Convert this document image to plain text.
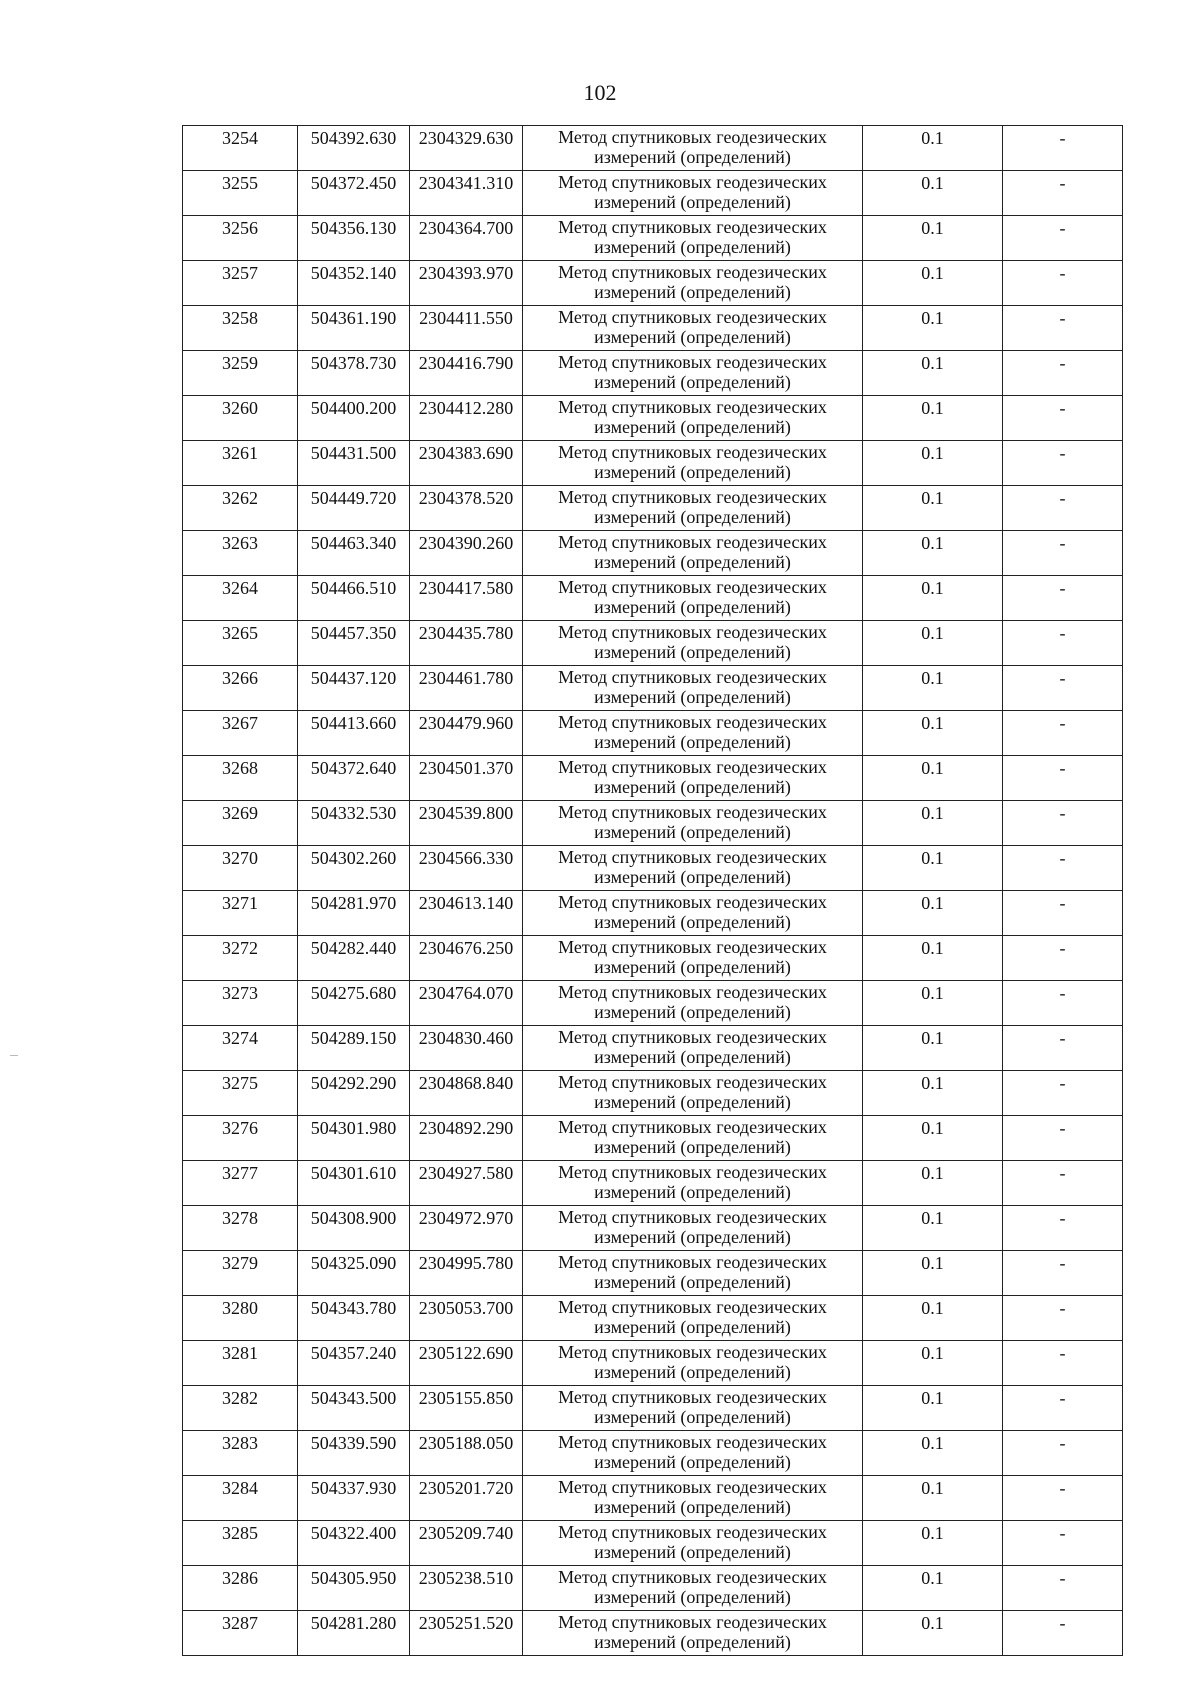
102
3254	504392.630	2304329.630	Метод спутниковых геодезических
измерений (определений)	0.1	-
3255	504372.450	2304341.310	Метод спутниковых геодезических
измерений (определений)	0.1	-
3256	504356.130	2304364.700	Метод спутниковых геодезических
измерений (определений)	0.1	-
3257	504352.140	2304393.970	Метод спутниковых геодезических
измерений (определений)	0.1	-
3258	504361.190	2304411.550	Метод спутниковых геодезических
измерений (определений)	0.1	-
3259	504378.730	2304416.790	Метод спутниковых геодезических
измерений (определений)	0.1	-
3260	504400.200	2304412.280	Метод спутниковых геодезических
измерений (определений)	0.1	-
3261	504431.500	2304383.690	Метод спутниковых геодезических
измерений (определений)	0.1	-
3262	504449.720	2304378.520	Метод спутниковых геодезических
измерений (определений)	0.1	-
3263	504463.340	2304390.260	Метод спутниковых геодезических
измерений (определений)	0.1	-
3264	504466.510	2304417.580	Метод спутниковых геодезических
измерений (определений)	0.1	-
3265	504457.350	2304435.780	Метод спутниковых геодезических
измерений (определений)	0.1	-
3266	504437.120	2304461.780	Метод спутниковых геодезических
измерений (определений)	0.1	-
3267	504413.660	2304479.960	Метод спутниковых геодезических
измерений (определений)	0.1	-
3268	504372.640	2304501.370	Метод спутниковых геодезических
измерений (определений)	0.1	-
3269	504332.530	2304539.800	Метод спутниковых геодезических
измерений (определений)	0.1	-
3270	504302.260	2304566.330	Метод спутниковых геодезических
измерений (определений)	0.1	-
3271	504281.970	2304613.140	Метод спутниковых геодезических
измерений (определений)	0.1	-
3272	504282.440	2304676.250	Метод спутниковых геодезических
измерений (определений)	0.1	-
3273	504275.680	2304764.070	Метод спутниковых геодезических
измерений (определений)	0.1	-
3274	504289.150	2304830.460	Метод спутниковых геодезических
измерений (определений)	0.1	-
3275	504292.290	2304868.840	Метод спутниковых геодезических
измерений (определений)	0.1	-
3276	504301.980	2304892.290	Метод спутниковых геодезических
измерений (определений)	0.1	-
3277	504301.610	2304927.580	Метод спутниковых геодезических
измерений (определений)	0.1	-
3278	504308.900	2304972.970	Метод спутниковых геодезических
измерений (определений)	0.1	-
3279	504325.090	2304995.780	Метод спутниковых геодезических
измерений (определений)	0.1	-
3280	504343.780	2305053.700	Метод спутниковых геодезических
измерений (определений)	0.1	-
3281	504357.240	2305122.690	Метод спутниковых геодезических
измерений (определений)	0.1	-
3282	504343.500	2305155.850	Метод спутниковых геодезических
измерений (определений)	0.1	-
3283	504339.590	2305188.050	Метод спутниковых геодезических
измерений (определений)	0.1	-
3284	504337.930	2305201.720	Метод спутниковых геодезических
измерений (определений)	0.1	-
3285	504322.400	2305209.740	Метод спутниковых геодезических
измерений (определений)	0.1	-
3286	504305.950	2305238.510	Метод спутниковых геодезических
измерений (определений)	0.1	-
3287	504281.280	2305251.520	Метод спутниковых геодезических
измерений (определений)	0.1	-
